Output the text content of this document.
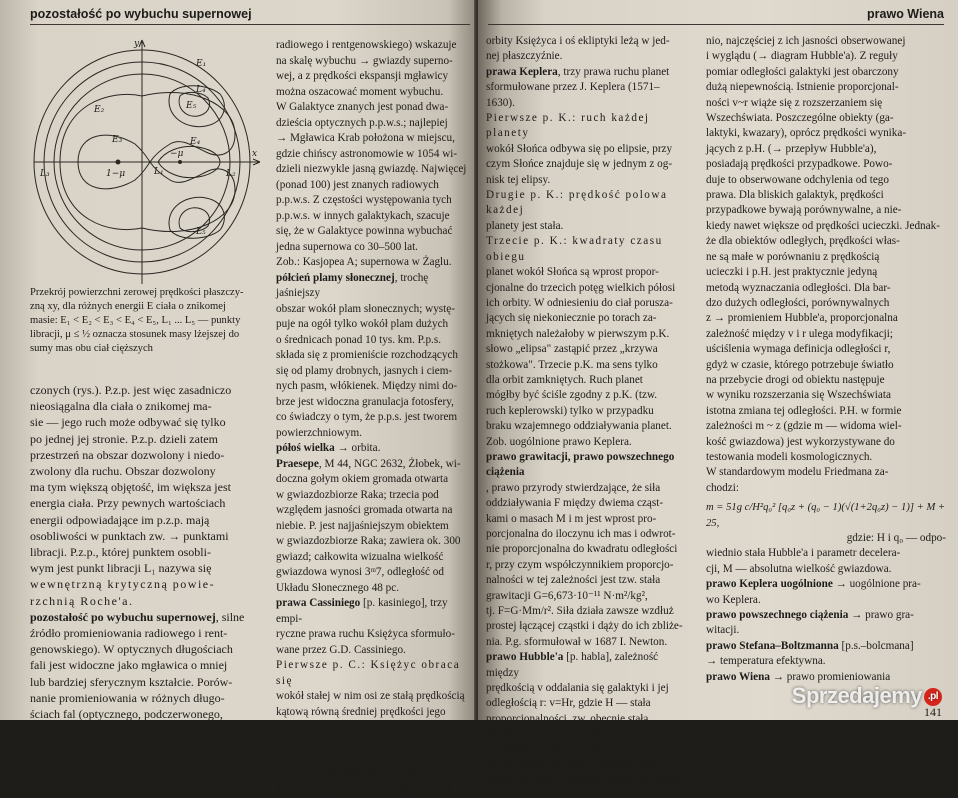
pozostałość po wybuchu supernowej
y
x
E₁
E₂
E₃	E₄
E₅
L₁	L₂
L₃
L₄
L₅
1−μ
−μ
Przekrój powierzchni zerowej prędkości płaszczy-
zną xy, dla różnych energii E ciała o znikomej
masie: E₁ < E₂ < E₃ < E₄ < E₅, L₁ ... L₅ — punkty
libracji, μ ≤ ½ oznacza stosunek masy lżejszej do
sumy mas obu ciał cięższych
czonych (rys.). P.z.p. jest więc zasadniczo
nieosiągalna dla ciała o znikomej ma-
sie — jego ruch może odbywać się tylko
po jednej jej stronie. P.z.p. dzieli zatem
przestrzeń na obszar dozwolony i niedo-
zwolony dla ruchu. Obszar dozwolony
ma tym większą objętość, im większa jest
energia ciała. Przy pewnych wartościach
energii odpowiadające im p.z.p. mają
osobliwości w punktach zw. → punktami
libracji. P.z.p., której punktem osobli-
wym jest punkt libracji L₁ nazywa się
wewnętrzną krytyczną powie-
rzchnią Roche'a.
pozostałość po wybuchu supernowej, silne
źródło promieniowania radiowego i rent-
genowskiego). W optycznych długościach
fali jest widoczne jako mgławica o mniej
lub bardziej sferycznym kształcie. Porów-
nanie promieniowania w różnych długo-
ściach fal (optycznego, podczerwonego,
radiowego i rentgenowskiego) wskazuje
na skalę wybuchu → gwiazdy superno-
wej, a z prędkości ekspansji mgławicy
można oszacować moment wybuchu.
W Galaktyce znanych jest ponad dwa-
dzieścia optycznych p.p.w.s.; najlepiej
→ Mgławica Krab położona w miejscu,
gdzie chińscy astronomowie w 1054 wi-
dzieli niezwykle jasną gwiazdę. Najwięcej
(ponad 100) jest znanych radiowych
p.p.w.s. Z częstości występowania tych
p.p.w.s. w innych galaktykach, szacuje
się, że w Galaktyce powinna wybuchać
jedna supernowa co 30–500 lat.
Zob.: Kasjopea A; supernowa w Żaglu.
półcień plamy słonecznej, trochę jaśniejszy
obszar wokół plam słonecznych; wystę-
puje na ogół tylko wokół plam dużych
o średnicach ponad 10 tys. km. P.p.s.
składa się z promieniście rozchodzących
się od plamy drobnych, jasnych i ciem-
nych pasm, włókienek. Między nimi do-
brze jest widoczna granulacja fotosfery,
co świadczy o tym, że p.p.s. jest tworem
powierzchniowym.
półoś wielka → orbita.
Praesepe, M 44, NGC 2632, Żłobek, wi-
doczna gołym okiem gromada otwarta
w gwiazdozbiorze Raka; trzecia pod
względem jasności gromada otwarta na
niebie. P. jest najjaśniejszym obiektem
w gwiazdozbiorze Raka; zawiera ok. 300
gwiazd; całkowita wizualna wielkość
gwiazdowa wynosi 3ᵐ7, odległość od
Układu Słonecznego 48 pc.
prawa Cassiniego [p. kasiniego], trzy empi-
ryczne prawa ruchu Księżyca sformuło-
wane przez G.D. Cassiniego.
Pierwsze p. C.: Księżyc obraca się
wokół stałej w nim osi ze stałą prędkością
kątową równą średniej prędkości jego
obiegowego.
Drugie p. C.: nachylenie równika księ-
życowego do ekliptyki jest stałe.
Trzecie p. C.: oś Księżyca, oś
prawo Wiena
orbity Księżyca i oś ekliptyki leżą w jed-
nej płaszczyźnie.
prawa Keplera, trzy prawa ruchu planet
sformułowane przez J. Keplera (1571–
1630).
Pierwsze p. K.: ruch każdej planety
wokół Słońca odbywa się po elipsie, przy
czym Słońce znajduje się w jednym z og-
nisk tej elipsy.
Drugie p. K.: prędkość polowa każdej
planety jest stała.
Trzecie p. K.: kwadraty czasu obiegu
planet wokół Słońca są wprost propor-
cjonalne do trzecich potęg wielkich półosi
ich orbity. W odniesieniu do ciał porusza-
jących się niekoniecznie po torach za-
mkniętych należałoby w pierwszym p.K.
słowo „elipsa" zastąpić przez „krzywa
stożkowa". Trzecie p.K. ma sens tylko
dla orbit zamkniętych. Ruch planet
mógłby być ściśle zgodny z p.K. (tzw.
ruch keplerowski) tylko w przypadku
braku wzajemnego oddziaływania planet.
Zob. uogólnione prawo Keplera.
prawo grawitacji, prawo powszechnego ciążenia
, prawo przyrody stwierdzające, że siła
oddziaływania F między dwiema cząst-
kami o masach M i m jest wprost pro-
porcjonalna do iloczynu ich mas i odwrot-
nie proporcjonalna do kwadratu odległości
r, przy czym współczynnikiem proporcjo-
nalności w tej zależności jest tzw. stała
grawitacji G=6,673·10⁻¹¹ N·m²/kg²,
tj. F=G·Mm/r². Siła działa zawsze wzdłuż
prostej łączącej cząstki i dąży do ich zbliże-
nia. P.g. sformułował w 1687 I. Newton.
prawo Hubble'a [p. habla], zależność między
prędkością v oddalania się galaktyki i jej
odległością r: v=Hr, gdzie H — stała
proporcjonalności, zw. obecnie stałą
Hubble'a. Prawo to sformułował w 1929
E. Hubble. Prędkości oddalania wyznacza
się na podstawie efektu Dopplera, nato-
miast odległości galaktyk ocenia się pośred-
nio, najczęściej z ich jasności obserwowanej
i wyglądu (→ diagram Hubble'a). Z reguły
pomiar odległości galaktyki jest obarczony
dużą niepewnością. Istnienie proporcjonal-
ności v~r wiąże się z rozszerzaniem się
Wszechświata. Poszczególne obiekty (ga-
laktyki, kwazary), oprócz prędkości wynika-
jących z p.H. (→ przepływ Hubble'a),
posiadają prędkości przypadkowe. Powo-
duje to obserwowane odchylenia od tego
prawa. Dla bliskich galaktyk, prędkości
przypadkowe bywają porównywalne, a nie-
kiedy nawet większe od prędkości ucieczki. Jednak-
że dla obiektów odległych, prędkości włas-
ne są małe w porównaniu z prędkością
ucieczki i p.H. jest praktycznie jedyną
metodą wyznaczania odległości. Dla bar-
dzo dużych odległości, porównywalnych
z → promieniem Hubble'a, proporcjonalna
zależność między v i r ulega modyfikacji;
uściślenia wymaga definicja odległości r,
gdyż w czasie, którego potrzebuje światło
na przebycie drogi od obiektu następuje
w wyniku rozszerzania się Wszechświata
istotna zmiana tej odległości. P.H. w formie
zależności m ~ z (gdzie m — widoma wiel-
kość gwiazdowa) jest wykorzystywane do
testowania modeli kosmologicznych.
W standardowym modelu Friedmana za-
chodzi:
m = 51g c/H²q₀² [q₀z + (q₀ − 1)(√(1+2q₀z) − 1)] + M + 25,
gdzie: H i q₀ — odpo-
wiednio stała Hubble'a i parametr decelera-
cji, M — absolutna wielkość gwiazdowa.
prawo Keplera uogólnione → uogólnione pra-
wo Keplera.
prawo powszechnego ciążenia → prawo gra-
witacji.
prawo Stefana–Boltzmanna [p.s.–bolcmana]
→ temperatura efektywna.
prawo Wiena → prawo promieniowania
Sprzedajemy .pl
141
